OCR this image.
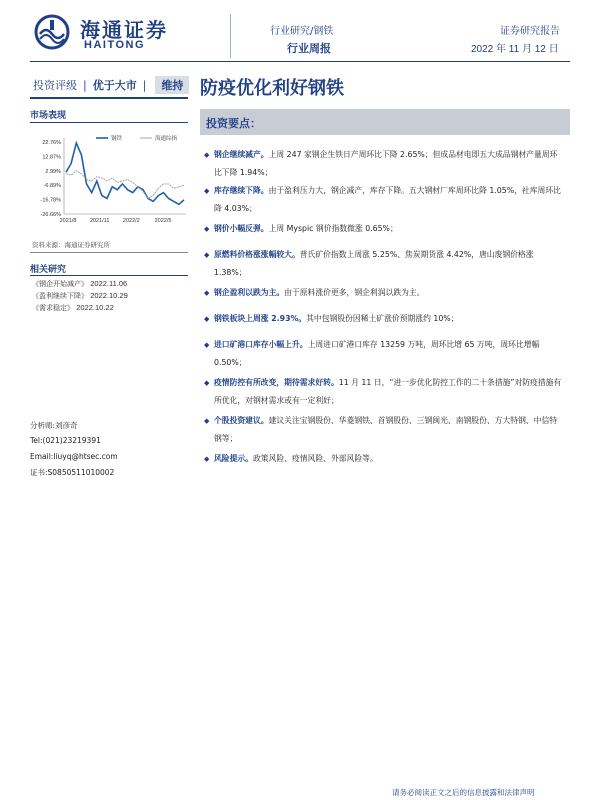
海通证券
HAITONG
行业研究/钢铁
行业周报
证券研究报告
2022 年 11 月 12 日
投资评级 | 优于大市 |	维持 防疫优化利好钢铁
市场表现
22.76%
12.87%
2.99%
-6.89%
-16.78%
-26.66%
2021/8 2021/11 2022/2	2022/5
钢铁	海通综指
资料来源：海通证券研究所
相关研究
《钢企开始减产》 2022.11.06
《盈利继续下降》 2022.10.29
《需求稳定》 2022.10.22
分析师:刘彦奇
Tel:(021)23219391
Email:liuyq@htsec.com
证书:S0850511010002
投资要点：
◆ 钢企继续减产。上周 247 家钢企生铁日产周环比下降 2.65%；但成品材电即五大成品钢材产量周环比下降 1.94%；
◆ 库存继续下降。由于盈利压力大，钢企减产，库存下降。五大钢材厂库周环比降 1.05%，社库周环比降 4.03%；
◆ 钢价小幅反弹。上周 Myspic 钢价指数微涨 0.65%；
◆ 原燃料价格涨涨幅较大。普氏矿价指数上周涨 5.25%、焦炭期货涨 4.42%，唐山废钢价格涨 1.38%；
◆ 钢企盈利以跌为主。由于原料涨价更多，钢企利润以跌为主。
◆ 钢铁板块上周涨 2.93%。其中包钢股份因稀土矿涨价预期涨约 10%；
◆ 进口矿港口库存小幅上升。上周进口矿港口库存 13259 万吨，周环比增 65 万吨，周环比增幅 0.50%；
◆ 疫情防控有所改变，期待需求好转。11 月 11 日，“进一步优化防控工作的二十条措施”对防疫措施有所优化，对钢材需求或有一定利好；
◆ 个股投资建议。建议关注宝钢股份、华菱钢铁、首钢股份、三钢闽光、南钢股份、方大特钢、中信特钢等；
◆ 风险提示。政策风险、疫情风险、外部风险等。
请务必阅读正文之后的信息披露和法律声明
